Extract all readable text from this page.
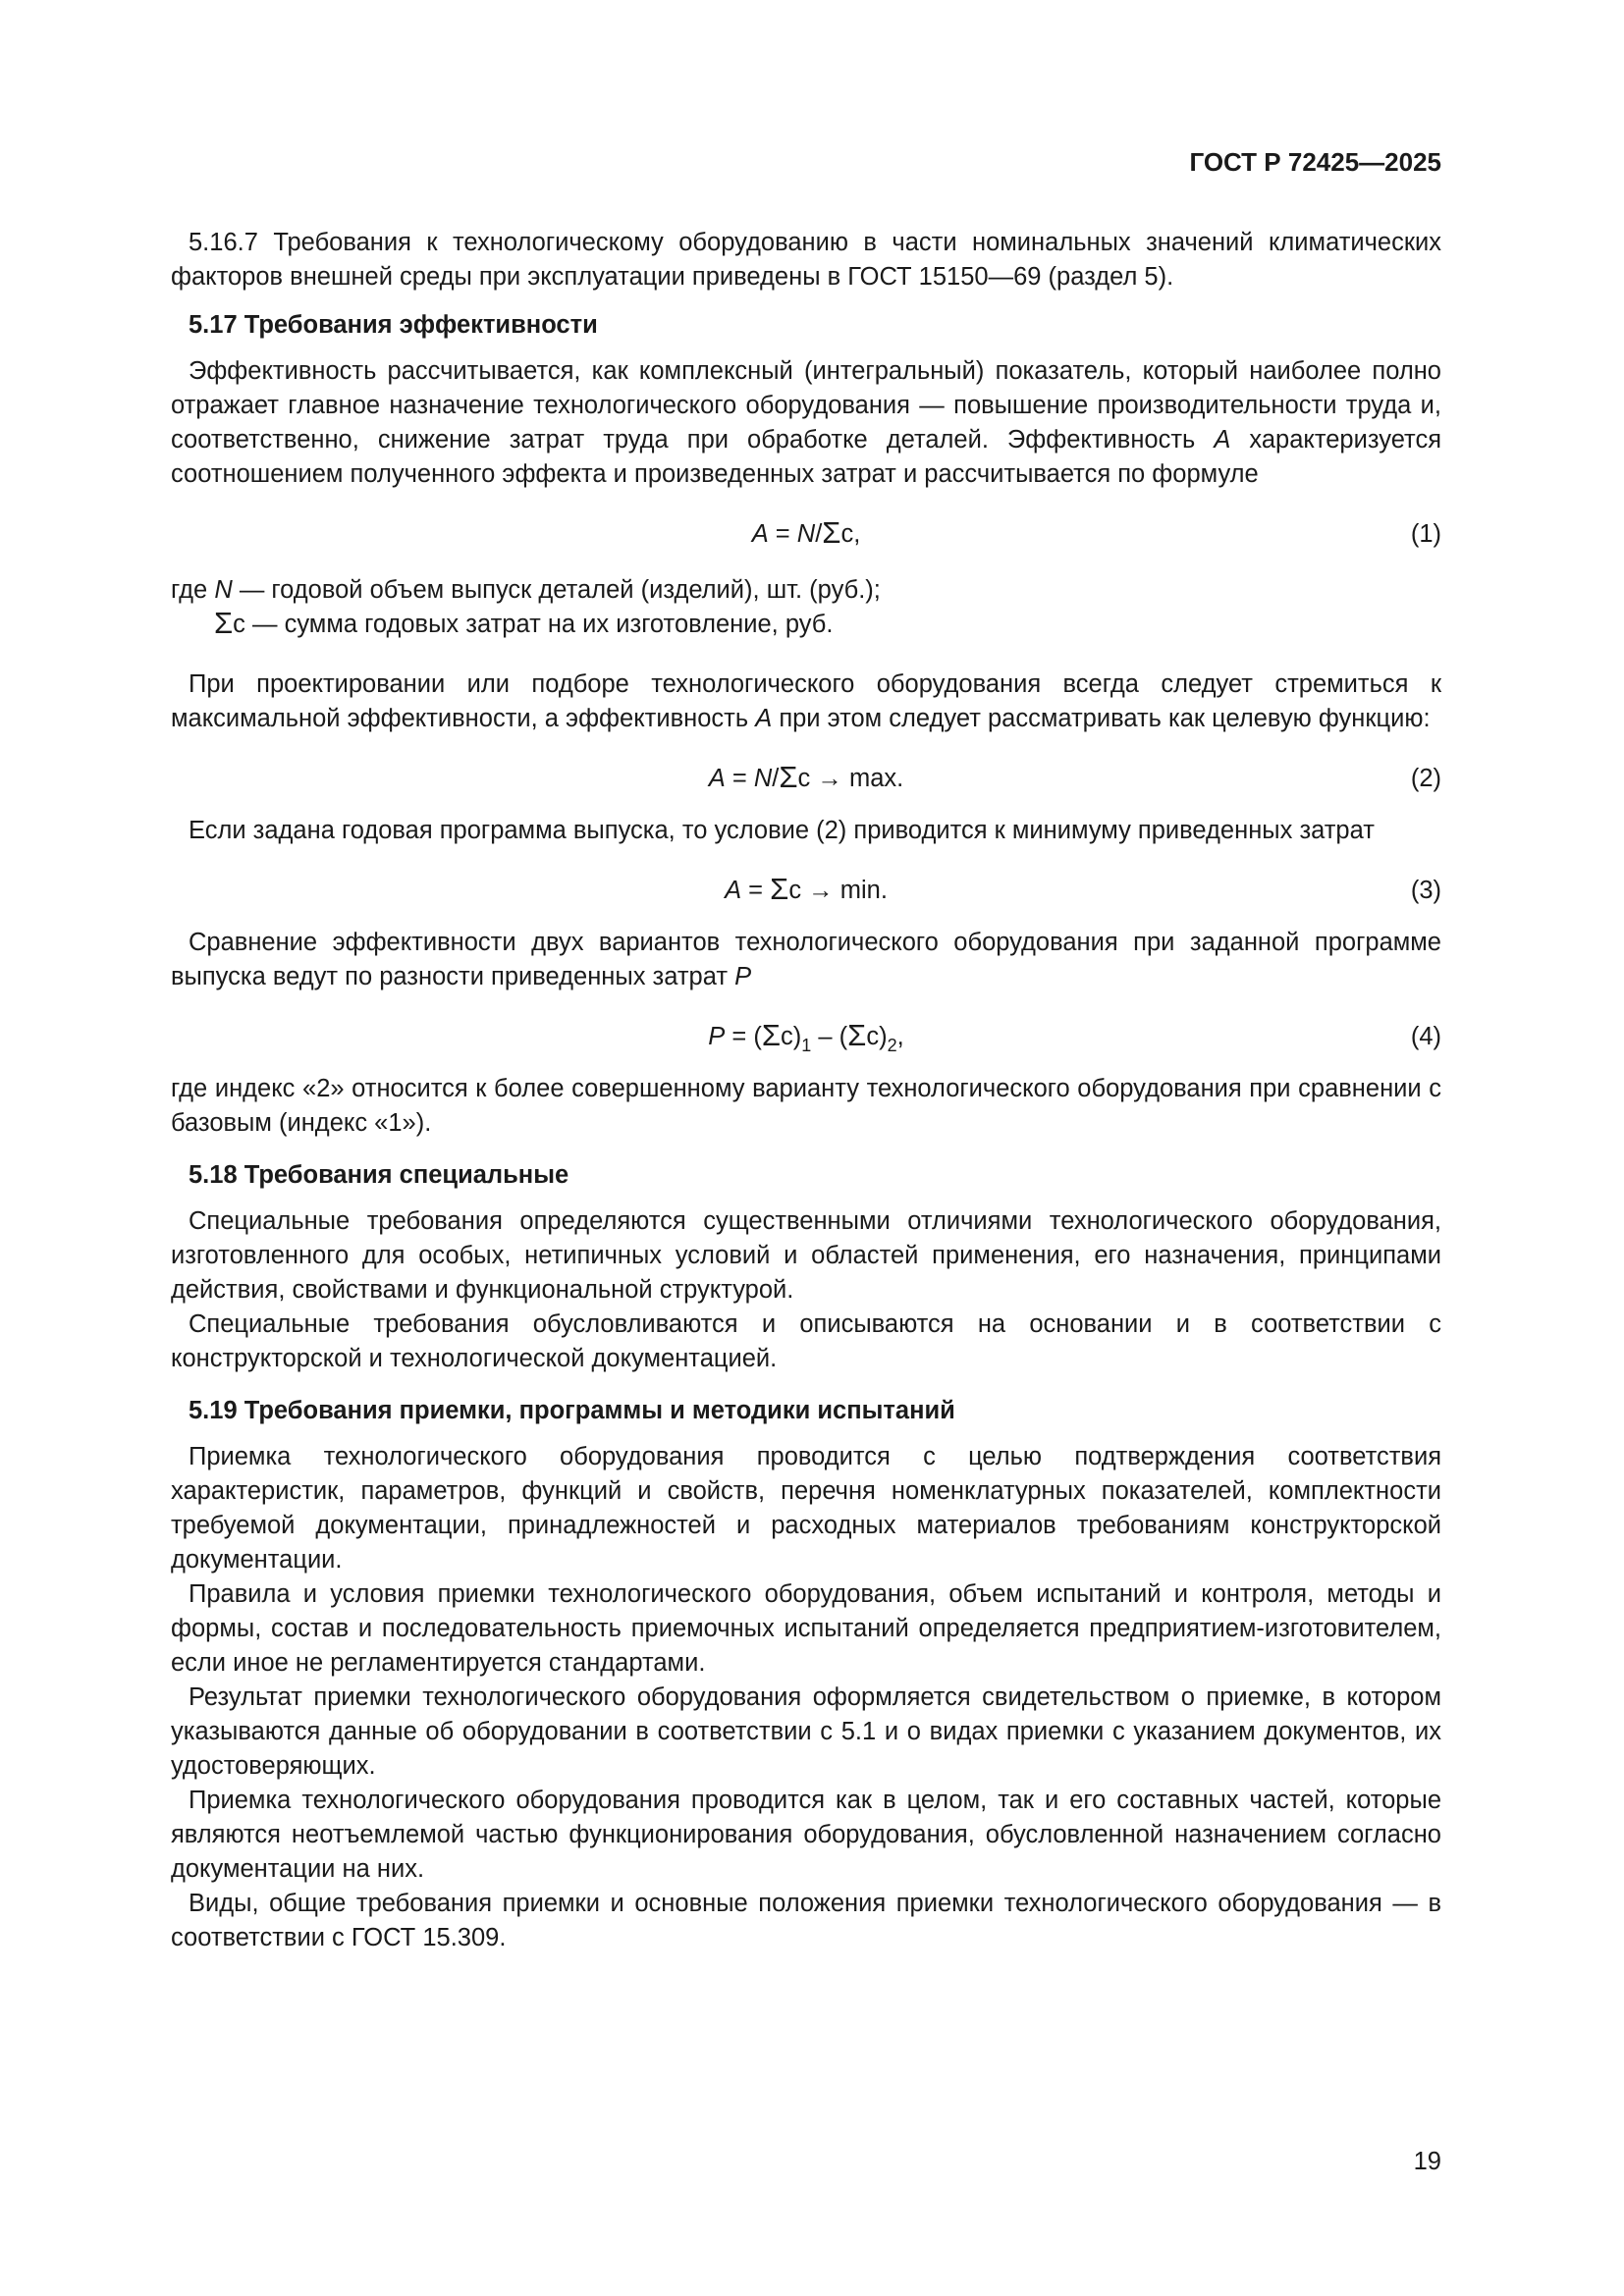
ГОСТ Р 72425—2025

5.16.7 Требования к технологическому оборудованию в части номинальных значений климатических факторов внешней среды при эксплуатации приведены в ГОСТ 15150—69 (раздел 5).

5.17 Требования эффективности

Эффективность рассчитывается, как комплексный (интегральный) показатель, который наиболее полно отражает главное назначение технологического оборудования — повышение производительности труда и, соответственно, снижение затрат труда при обработке деталей. Эффективность A характеризуется соотношением полученного эффекта и произведенных затрат и рассчитывается по формуле

A = N/Σc,	(1)

где N — годовой объем выпуск деталей (изделий), шт. (руб.);

Σc — сумма годовых затрат на их изготовление, руб.

При проектировании или подборе технологического оборудования всегда следует стремиться к максимальной эффективности, а эффективность A при этом следует рассматривать как целевую функцию:

A = N/Σc → max.	(2)

Если задана годовая программа выпуска, то условие (2) приводится к минимуму приведенных затрат

A = Σc → min.	(3)

Сравнение эффективности двух вариантов технологического оборудования при заданной программе выпуска ведут по разности приведенных затрат P

$P = (\Sigma c)_1 - (\Sigma c)_2$,	(4)

где индекс «2» относится к более совершенному варианту технологического оборудования при сравнении с базовым (индекс «1»).

5.18 Требования специальные

Специальные требования определяются существенными отличиями технологического оборудования, изготовленного для особых, нетипичных условий и областей применения, его назначения, принципами действия, свойствами и функциональной структурой.

Специальные требования обусловливаются и описываются на основании и в соответствии с конструкторской и технологической документацией.

5.19 Требования приемки, программы и методики испытаний

Приемка технологического оборудования проводится с целью подтверждения соответствия характеристик, параметров, функций и свойств, перечня номенклатурных показателей, комплектности требуемой документации, принадлежностей и расходных материалов требованиям конструкторской документации.

Правила и условия приемки технологического оборудования, объем испытаний и контроля, методы и формы, состав и последовательность приемочных испытаний определяется предприятием-изготовителем, если иное не регламентируется стандартами.

Результат приемки технологического оборудования оформляется свидетельством о приемке, в котором указываются данные об оборудовании в соответствии с 5.1 и о видах приемки с указанием документов, их удостоверяющих.

Приемка технологического оборудования проводится как в целом, так и его составных частей, которые являются неотъемлемой частью функционирования оборудования, обусловленной назначением согласно документации на них.

Виды, общие требования приемки и основные положения приемки технологического оборудования — в соответствии с ГОСТ 15.309.

19
